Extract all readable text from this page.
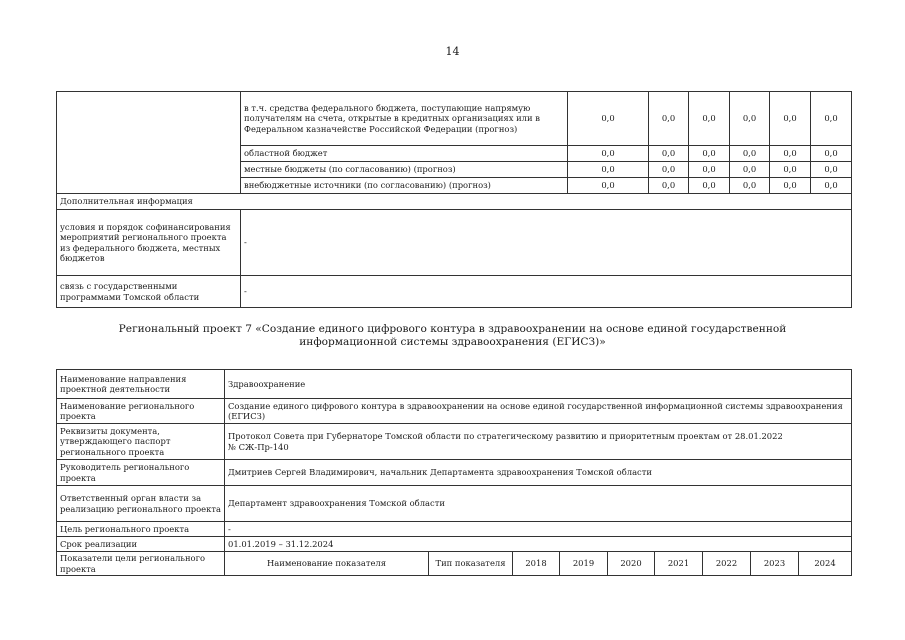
14
	в т.ч. средства федерального бюджета, поступающие напрямую получателям на счета, открытые в кредитных организациях или в Федеральном казначействе Российской Федерации (прогноз)	0,0	0,0	0,0	0,0	0,0	0,0
	областной бюджет	0,0	0,0	0,0	0,0	0,0	0,0
	местные бюджеты (по согласованию) (прогноз)	0,0	0,0	0,0	0,0	0,0	0,0
	внебюджетные источники (по согласованию) (прогноз)	0,0	0,0	0,0	0,0	0,0	0,0
Дополнительная информация							
условия и порядок софинансирования мероприятий регионального проекта из федерального бюджета, местных бюджетов	-						
связь с государственными программами Томской области	-						
Региональный проект 7 «Создание единого цифрового контура в здравоохранении на основе единой государственной
информационной системы здравоохранения (ЕГИСЗ)»
Наименование направления проектной деятельности	Здравоохранение								
Наименование регионального проекта	Создание единого цифрового контура в здравоохранении на основе единой государственной информационной системы здравоохранения (ЕГИСЗ)								
Реквизиты документа, утверждающего паспорт регионального проекта	Протокол Совета при Губернаторе Томской области по стратегическому развитию и приоритетным проектам от 28.01.2022
№ СЖ-Пр-140								

Руководитель регионального проекта	Дмитриев Сергей Владимирович, начальник Департамента здравоохранения Томской области								
Ответственный орган власти за реализацию регионального проекта	Департамент здравоохранения Томской области								
Цель регионального проекта	-								
Срок реализации	01.01.2019 – 31.12.2024								
Показатели цели регионального проекта	Наименование показателя	Тип показателя	2018	2019	2020	2021	2022	2023	2024
